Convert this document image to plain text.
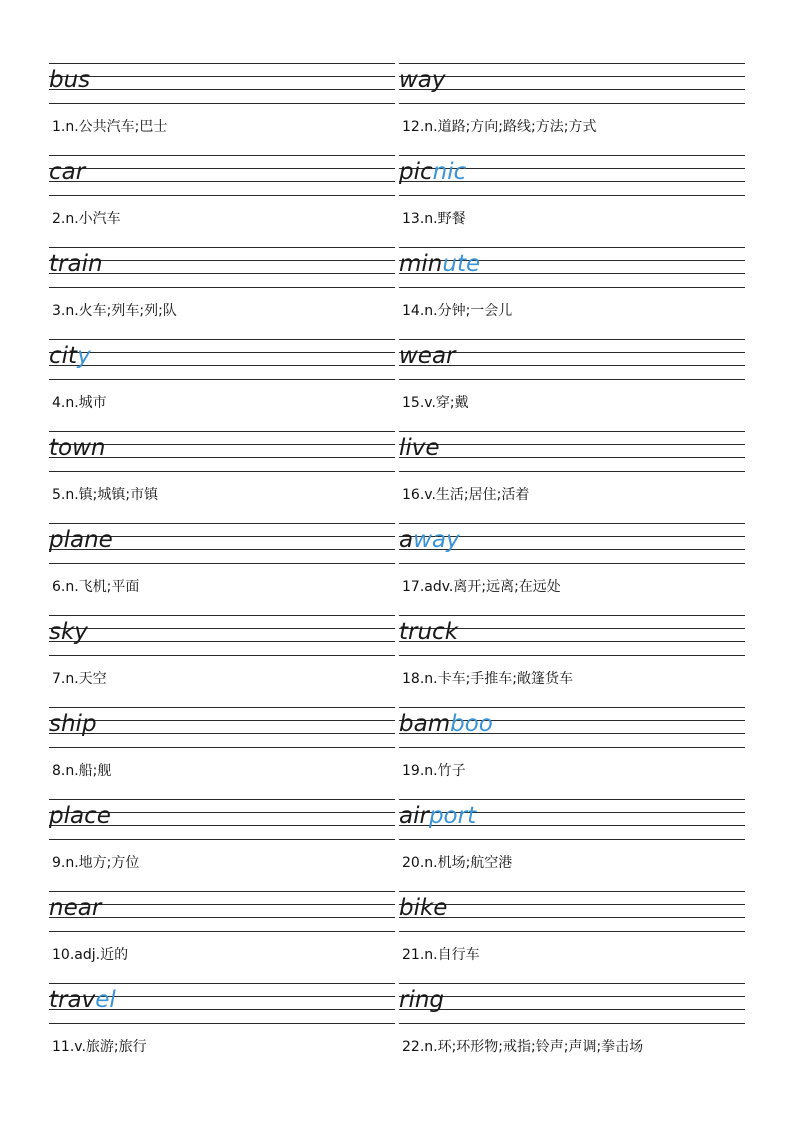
bus
1.n.公共汽车;巴士
car
2.n.小汽车
train
3.n.火车;列车;列;队
city
4.n.城市
town
5.n.镇;城镇;市镇
plane
6.n.飞机;平面
sky
7.n.天空
ship
8.n.船;舰
place
9.n.地方;方位
near
10.adj.近的
travel
11.v.旅游;旅行
way
12.n.道路;方向;路线;方法;方式
picnic
13.n.野餐
minute
14.n.分钟;一会儿
wear
15.v.穿;戴
live
16.v.生活;居住;活着
away
17.adv.离开;远离;在远处
truck
18.n.卡车;手推车;敞篷货车
bamboo
19.n.竹子
airport
20.n.机场;航空港
bike
21.n.自行车
ring
22.n.环;环形物;戒指;铃声;声调;拳击场
